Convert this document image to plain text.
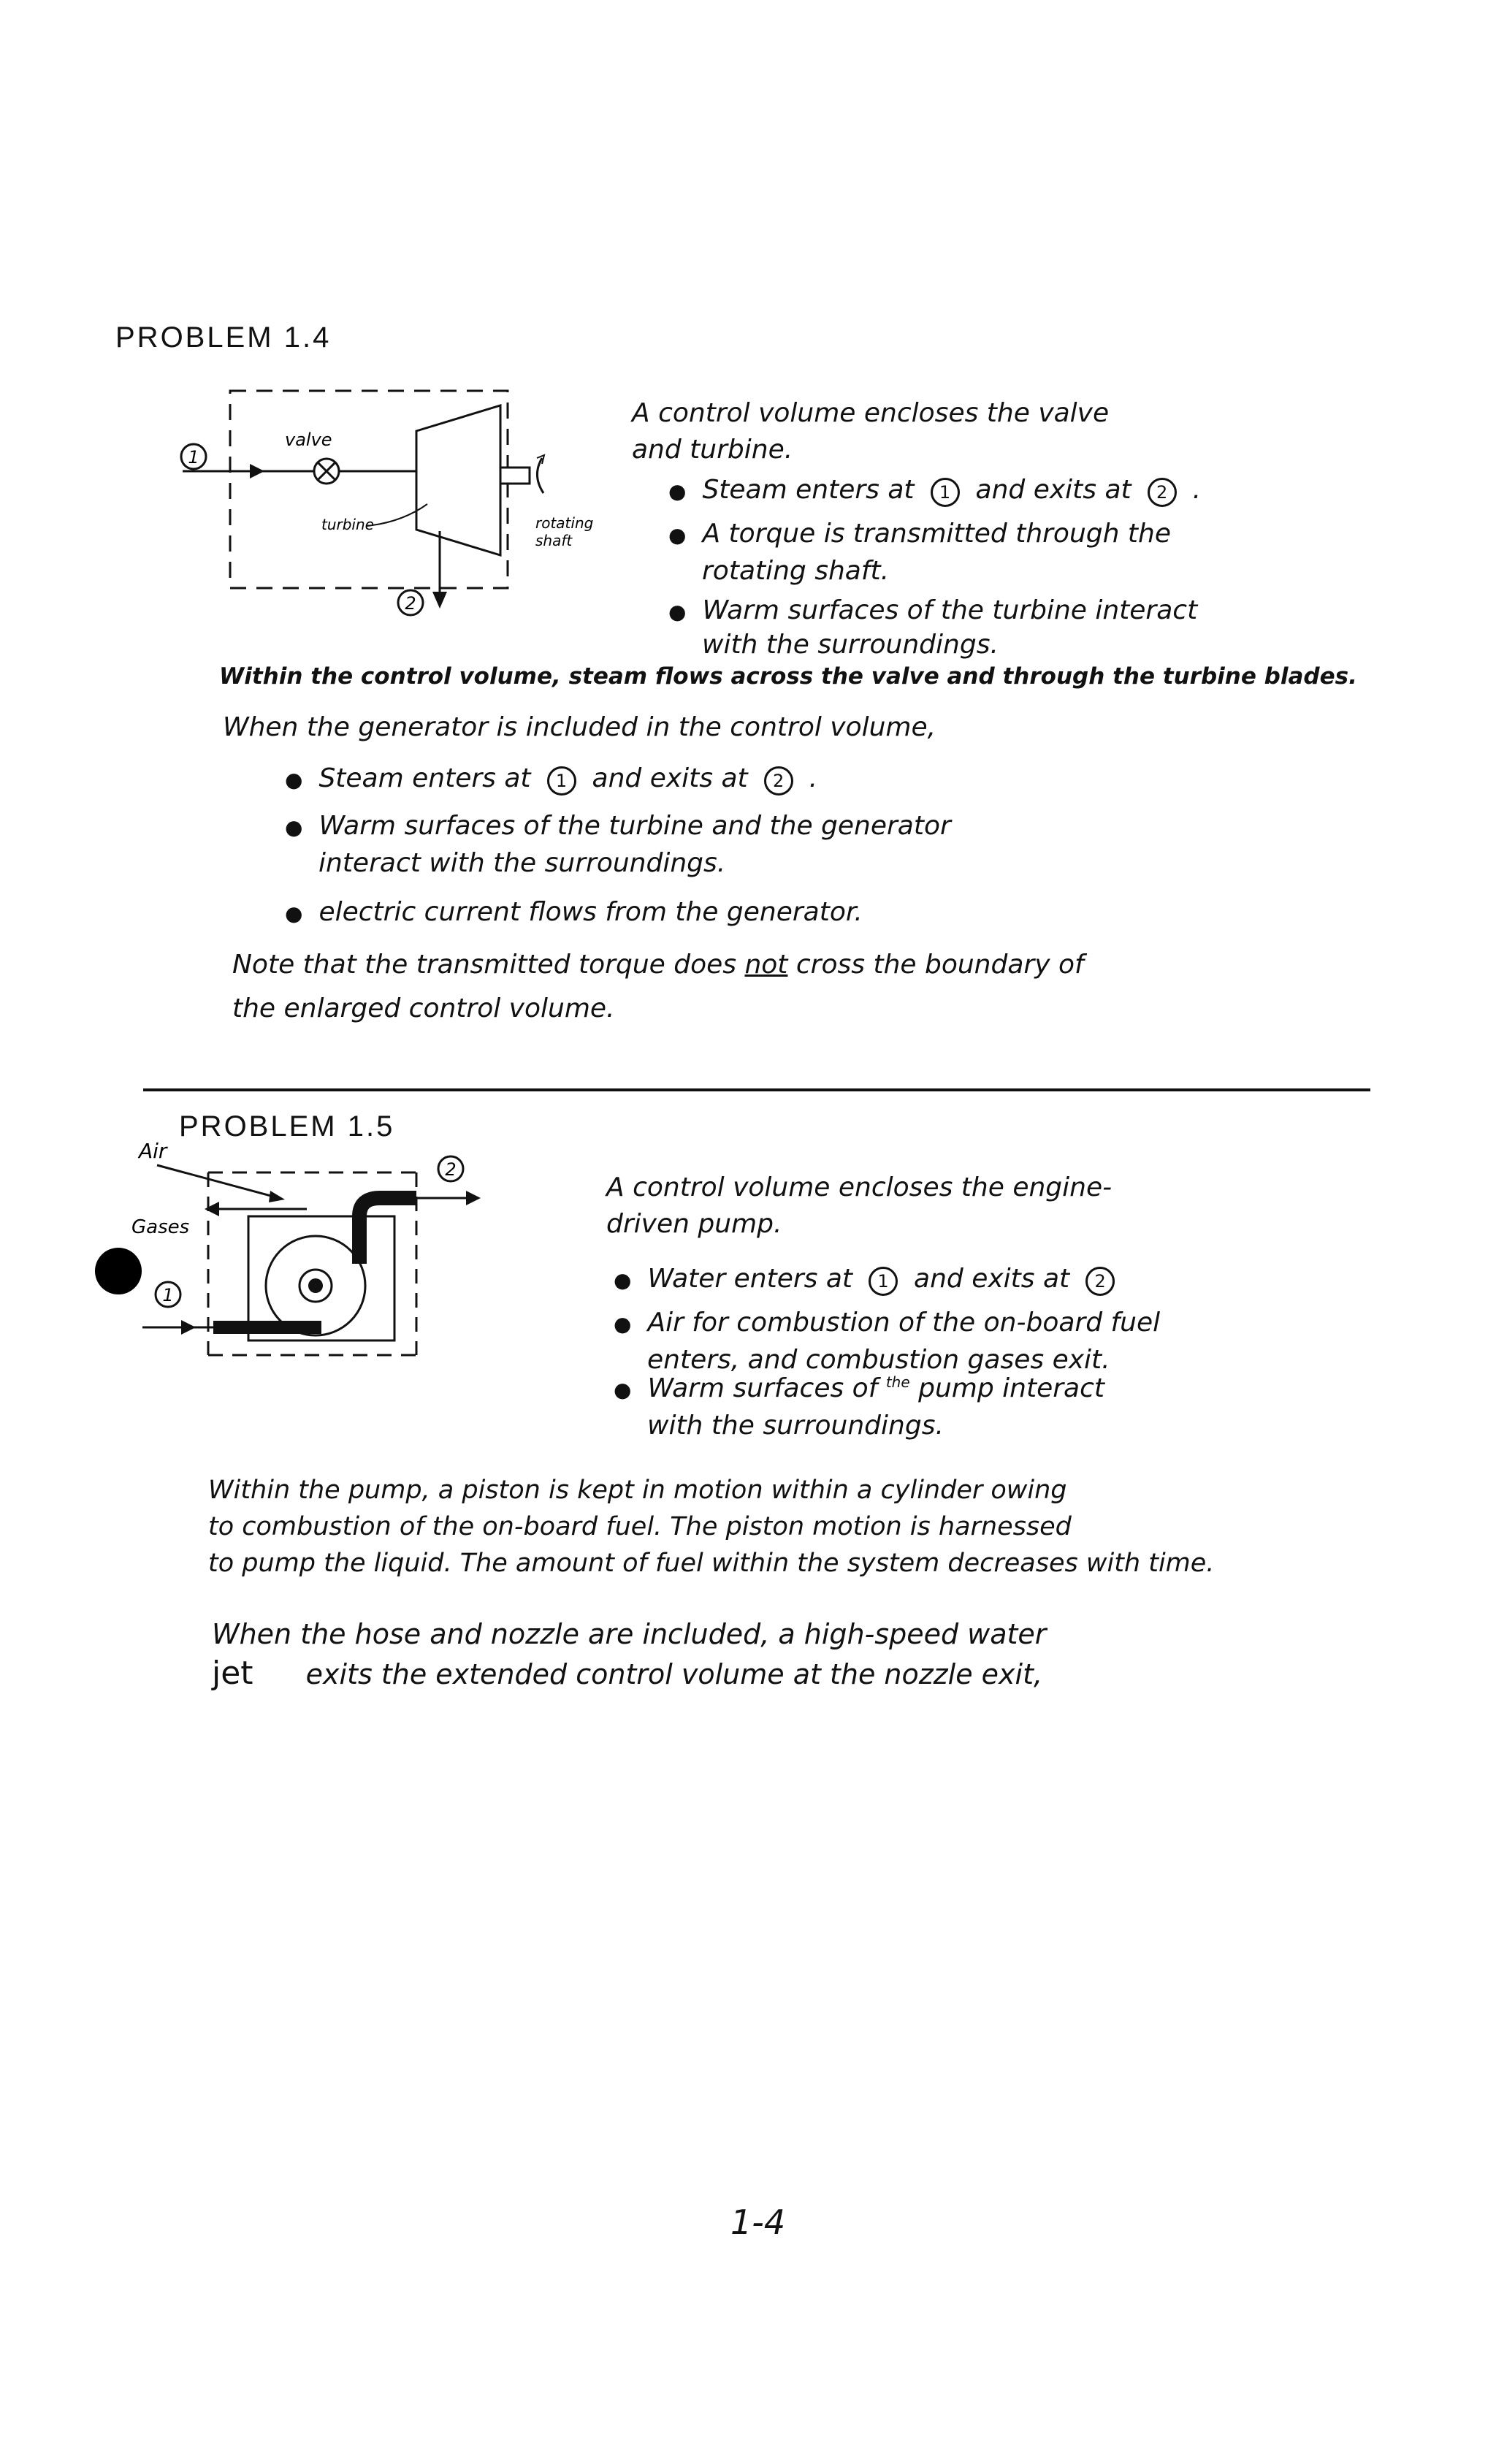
PROBLEM 1.4
1
valve
turbine	rotating
shaft
2
A control volume encloses the valve
and turbine.
● Steam enters at	1 and exits at	2 .
● A torque is transmitted through the
rotating shaft.
● Warm surfaces of the turbine interact
with the surroundings.
Within the control volume, steam flows across the valve and through the turbine blades.
When the generator is included in the control volume,
● Steam enters at	1 and exits at	2 .
● Warm surfaces of the turbine and the generator
interact with the surroundings.
● electric current flows from the generator.
Note that the transmitted torque does not cross the boundary of
the enlarged control volume.
PROBLEM 1.5
Air
Gases
2
1
A control volume encloses the engine-
driven pump.
● Water enters at	1 and exits at	2
● Air for combustion of the on-board fuel
enters, and combustion gases exit.
● Warm surfaces of $^{the}$ pump interact
with the surroundings.
Within the pump, a piston is kept in motion within a cylinder owing
to combustion of the on-board fuel. The piston motion is harnessed
to pump the liquid. The amount of fuel within the system decreases with time.
When the hose and nozzle are included, a high-speed water
jet exits the extended control volume at the nozzle exit,
1-4
